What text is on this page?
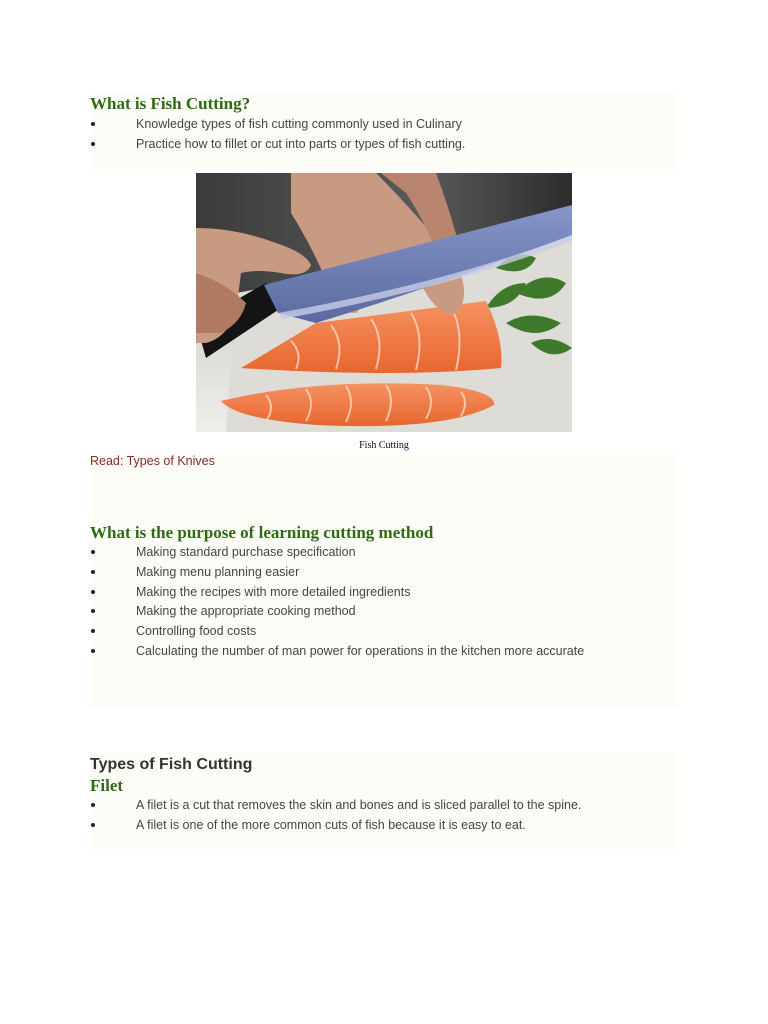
What is Fish Cutting?
Knowledge types of fish cutting commonly used in Culinary
Practice how to fillet or cut into parts or types of fish cutting.
Fish Cutting
Read: Types of Knives
What is the purpose of learning cutting method
Making standard purchase specification
Making menu planning easier
Making the recipes with more detailed ingredients
Making the appropriate cooking method
Controlling food costs
Calculating the number of man power for operations in the kitchen more accurate
Types of Fish Cutting
Filet
A filet is a cut that removes the skin and bones and is sliced parallel to the spine.
A filet is one of the more common cuts of fish because it is easy to eat.
